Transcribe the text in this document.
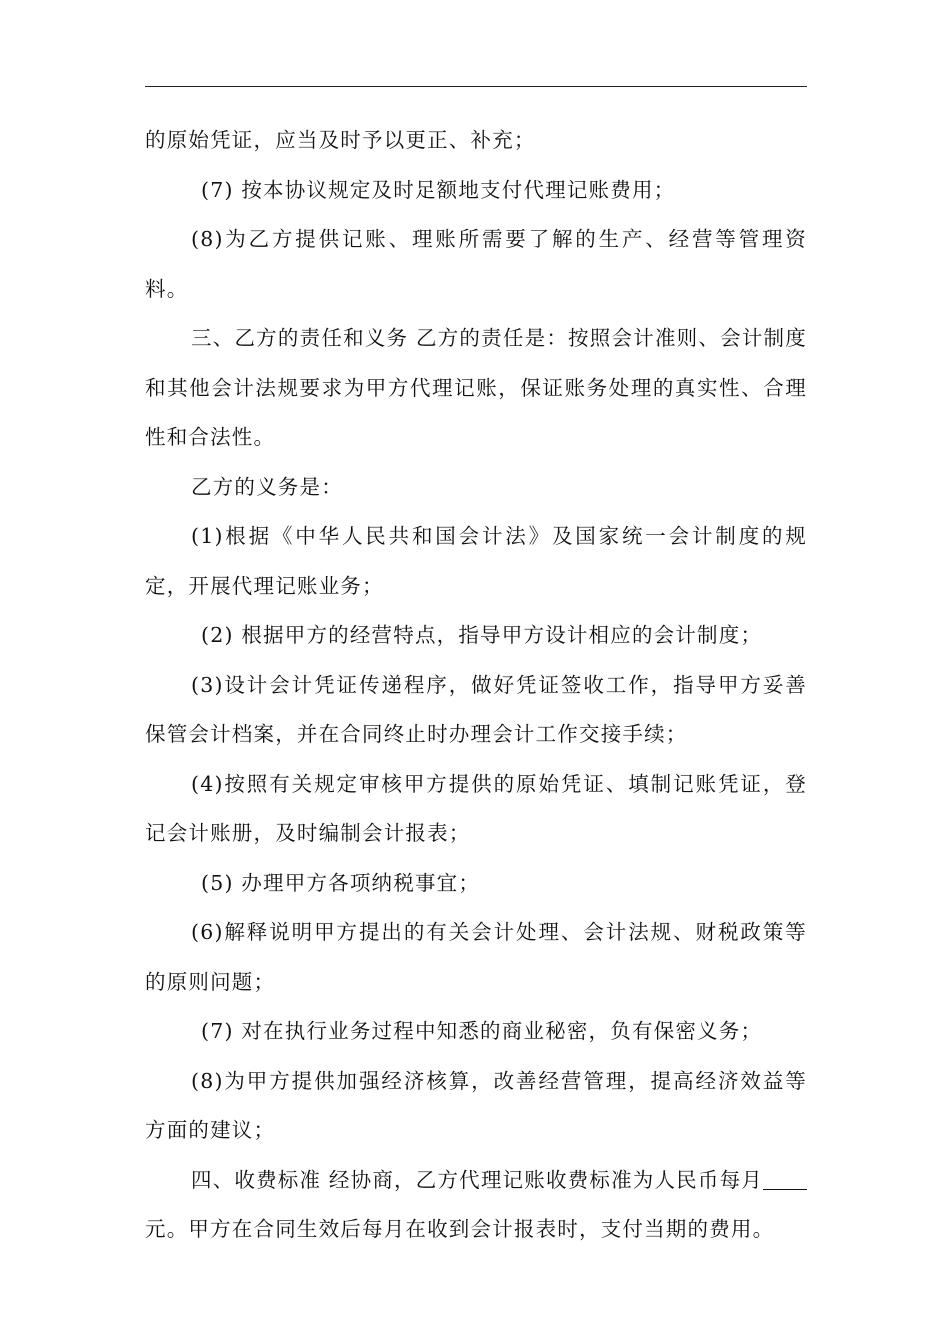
的原始凭证，应当及时予以更正、补充；

(7) 按本协议规定及时足额地支付代理记账费用；

(8)为乙方提供记账、理账所需要了解的生产、经营等管理资料。

三、乙方的责任和义务 乙方的责任是：按照会计准则、会计制度和其他会计法规要求为甲方代理记账，保证账务处理的真实性、合理性和合法性。

乙方的义务是：

(1)根据《中华人民共和国会计法》及国家统一会计制度的规定，开展代理记账业务；

(2) 根据甲方的经营特点，指导甲方设计相应的会计制度；

(3)设计会计凭证传递程序，做好凭证签收工作，指导甲方妥善保管会计档案，并在合同终止时办理会计工作交接手续；

(4)按照有关规定审核甲方提供的原始凭证、填制记账凭证，登记会计账册，及时编制会计报表；

(5) 办理甲方各项纳税事宜；

(6)解释说明甲方提出的有关会计处理、会计法规、财税政策等的原则问题；

(7) 对在执行业务过程中知悉的商业秘密，负有保密义务；

(8)为甲方提供加强经济核算，改善经营管理，提高经济效益等方面的建议；

四、收费标准 经协商，乙方代理记账收费标准为人民币每月元。甲方在合同生效后每月在收到会计报表时，支付当期的费用。
